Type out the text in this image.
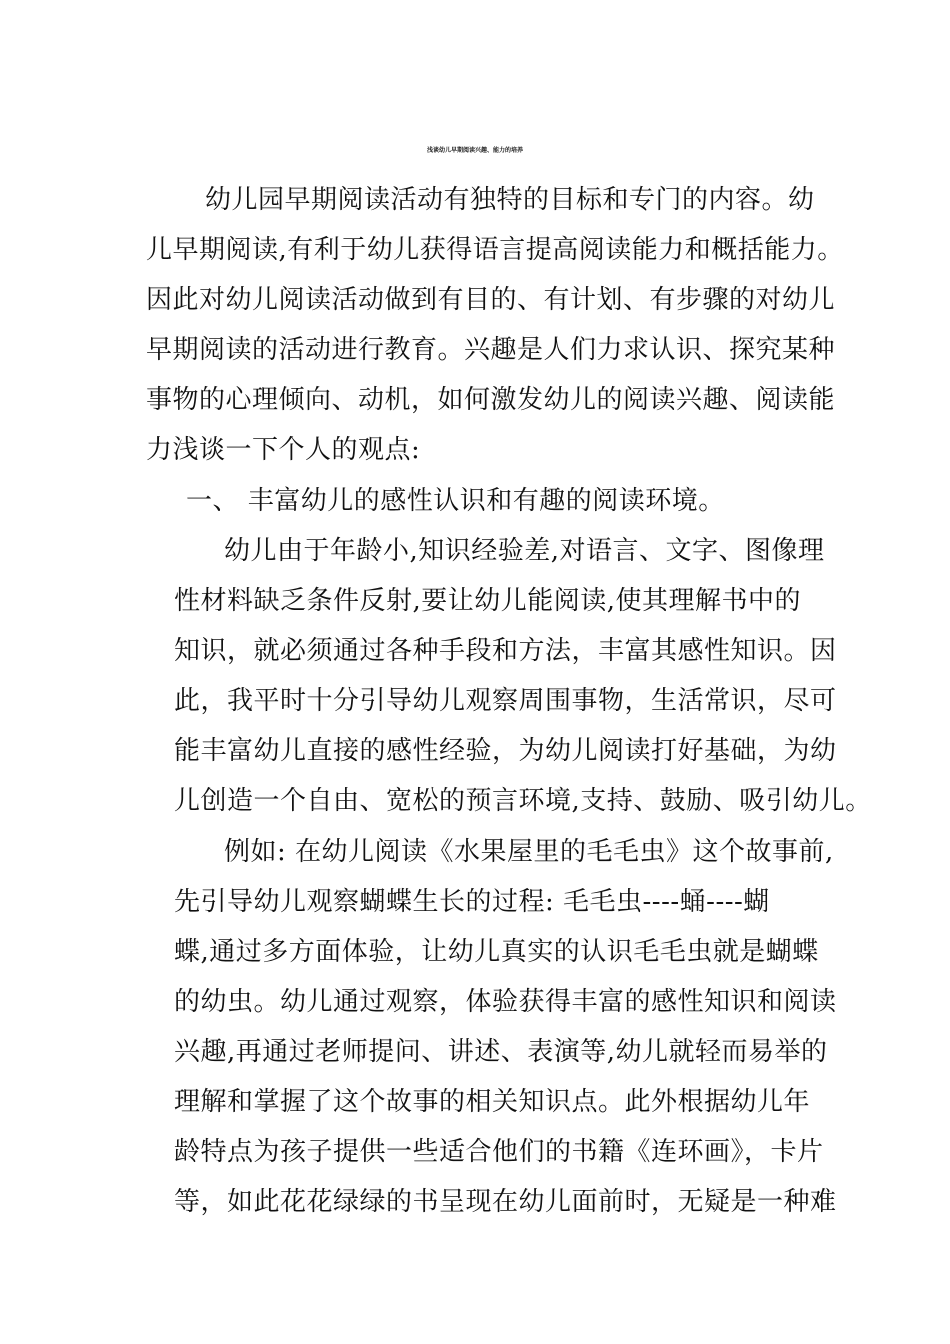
浅谈幼儿早期阅读兴趣、能力的培养
幼儿园早期阅读活动有独特的目标和专门的内容。幼
儿早期阅读,有利于幼儿获得语言提高阅读能力和概括能力。
因此对幼儿阅读活动做到有目的、有计划、有步骤的对幼儿
早期阅读的活动进行教育。兴趣是人们力求认识、探究某种
事物的心理倾向、动机，如何激发幼儿的阅读兴趣、阅读能
力浅谈一下个人的观点:
一、 丰富幼儿的感性认识和有趣的阅读环境。
幼儿由于年龄小,知识经验差,对语言、文字、图像理
性材料缺乏条件反射,要让幼儿能阅读,使其理解书中的
知识，就必须通过各种手段和方法，丰富其感性知识。因
此，我平时十分引导幼儿观察周围事物，生活常识，尽可
能丰富幼儿直接的感性经验，为幼儿阅读打好基础，为幼
儿创造一个自由、宽松的预言环境,支持、鼓励、吸引幼儿。
例如: 在幼儿阅读《水果屋里的毛毛虫》这个故事前,
先引导幼儿观察蝴蝶生长的过程: 毛毛虫----蛹----蝴
蝶,通过多方面体验，让幼儿真实的认识毛毛虫就是蝴蝶
的幼虫。幼儿通过观察，体验获得丰富的感性知识和阅读
兴趣,再通过老师提问、讲述、表演等,幼儿就轻而易举的
理解和掌握了这个故事的相关知识点。此外根据幼儿年
龄特点为孩子提供一些适合他们的书籍《连环画》，卡片
等，如此花花绿绿的书呈现在幼儿面前时，无疑是一种难
